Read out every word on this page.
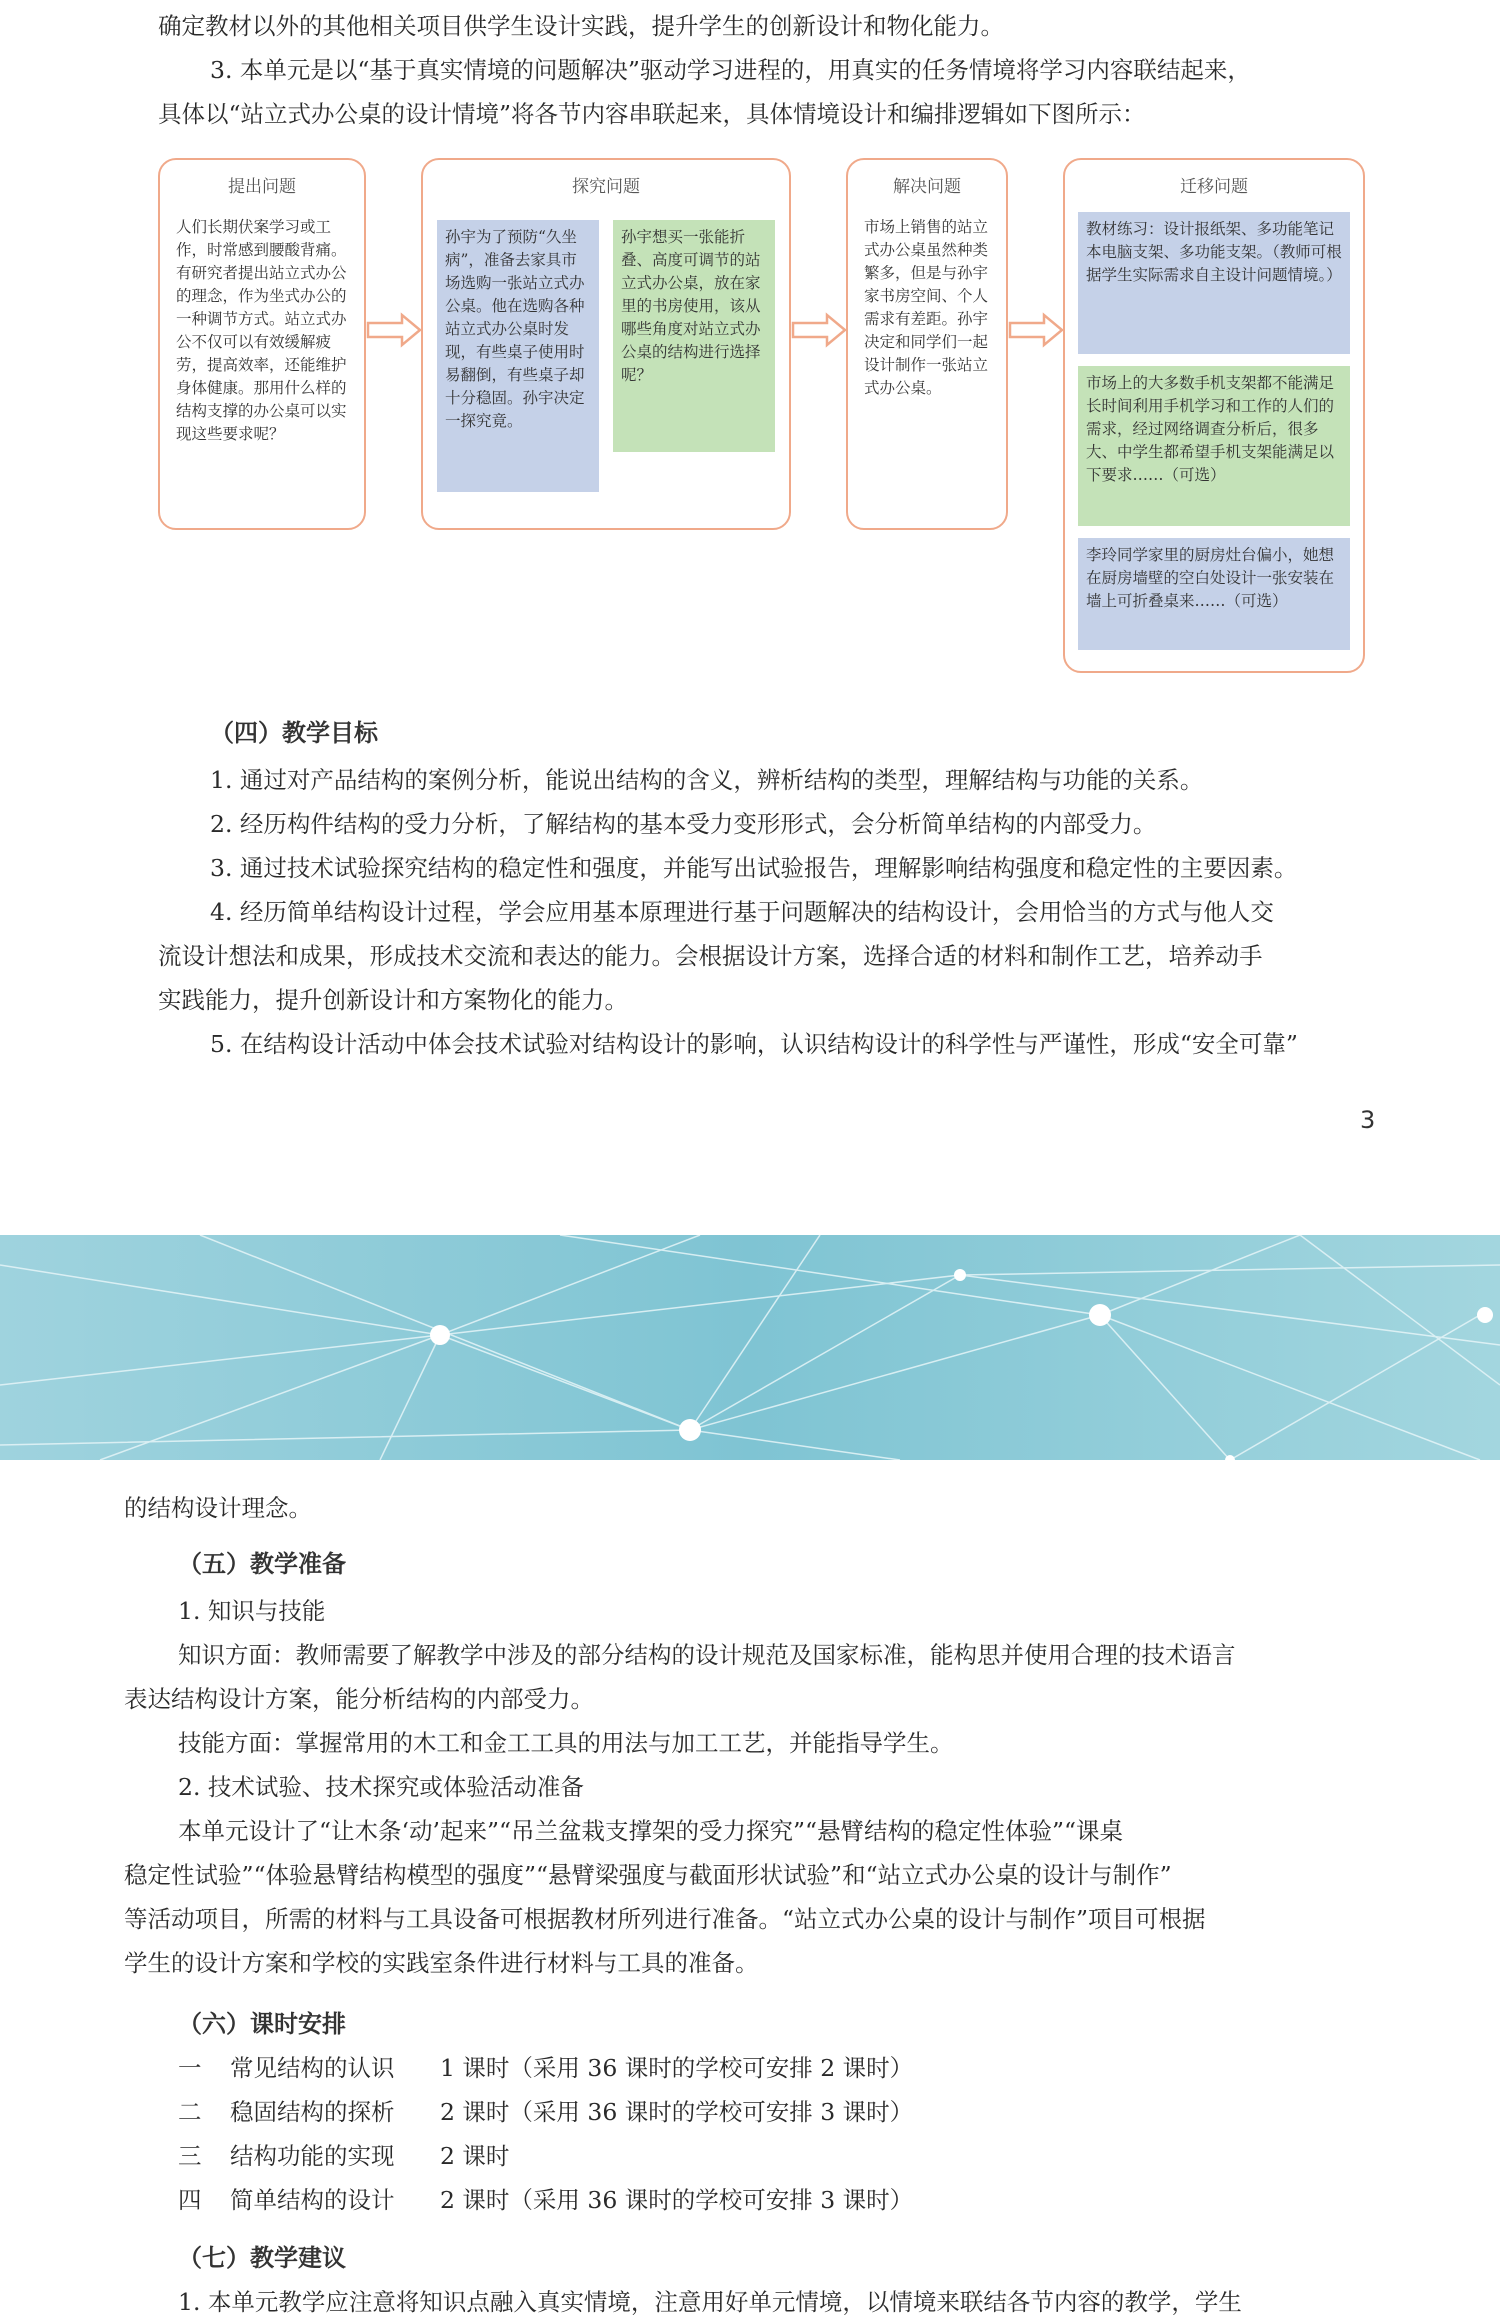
确定教材以外的其他相关项目供学生设计实践，提升学生的创新设计和物化能力。
3. 本单元是以“基于真实情境的问题解决”驱动学习进程的，用真实的任务情境将学习内容联结起来，
具体以“站立式办公桌的设计情境”将各节内容串联起来，具体情境设计和编排逻辑如下图所示：
提出问题
人们长期伏案学习或工作，时常感到腰酸背痛。有研究者提出站立式办公的理念，作为坐式办公的一种调节方式。站立式办公不仅可以有效缓解疲劳，提高效率，还能维护身体健康。那用什么样的结构支撑的办公桌可以实现这些要求呢？
探究问题
孙宇为了预防“久坐病”，准备去家具市场选购一张站立式办公桌。他在选购各种站立式办公桌时发现，有些桌子使用时易翻倒，有些桌子却十分稳固。孙宇决定一探究竟。
孙宇想买一张能折叠、高度可调节的站立式办公桌，放在家里的书房使用，该从哪些角度对站立式办公桌的结构进行选择呢？
解决问题
市场上销售的站立式办公桌虽然种类繁多，但是与孙宇家书房空间、个人需求有差距。孙宇决定和同学们一起设计制作一张站立式办公桌。
迁移问题
教材练习：设计报纸架、多功能笔记本电脑支架、多功能支架。（教师可根据学生实际需求自主设计问题情境。）
市场上的大多数手机支架都不能满足长时间利用手机学习和工作的人们的需求，经过网络调查分析后，很多大、中学生都希望手机支架能满足以下要求……（可选）
李玲同学家里的厨房灶台偏小，她想在厨房墙壁的空白处设计一张安装在墙上可折叠桌来……（可选）
（四）教学目标
1. 通过对产品结构的案例分析，能说出结构的含义，辨析结构的类型，理解结构与功能的关系。
2. 经历构件结构的受力分析，了解结构的基本受力变形形式，会分析简单结构的内部受力。
3. 通过技术试验探究结构的稳定性和强度，并能写出试验报告，理解影响结构强度和稳定性的主要因素。
4. 经历简单结构设计过程，学会应用基本原理进行基于问题解决的结构设计，会用恰当的方式与他人交
流设计想法和成果，形成技术交流和表达的能力。会根据设计方案，选择合适的材料和制作工艺，培养动手
实践能力，提升创新设计和方案物化的能力。
5. 在结构设计活动中体会技术试验对结构设计的影响，认识结构设计的科学性与严谨性，形成“安全可靠”
3
的结构设计理念。
（五）教学准备
1. 知识与技能
知识方面：教师需要了解教学中涉及的部分结构的设计规范及国家标准，能构思并使用合理的技术语言
表达结构设计方案，能分析结构的内部受力。
技能方面：掌握常用的木工和金工工具的用法与加工工艺，并能指导学生。
2. 技术试验、技术探究或体验活动准备
本单元设计了“让木条‘动’起来”“吊兰盆栽支撑架的受力探究”“悬臂结构的稳定性体验”“课桌
稳定性试验”“体验悬臂结构模型的强度”“悬臂梁强度与截面形状试验”和“站立式办公桌的设计与制作”
等活动项目，所需的材料与工具设备可根据教材所列进行准备。“站立式办公桌的设计与制作”项目可根据
学生的设计方案和学校的实践室条件进行材料与工具的准备。
（六）课时安排
一 常见结构的认识 1 课时（采用 36 课时的学校可安排 2 课时）
二 稳固结构的探析 2 课时（采用 36 课时的学校可安排 3 课时）
三 结构功能的实现 2 课时
四 简单结构的设计 2 课时（采用 36 课时的学校可安排 3 课时）
（七）教学建议
1. 本单元教学应注意将知识点融入真实情境，注意用好单元情境，以情境来联结各节内容的教学，学生
